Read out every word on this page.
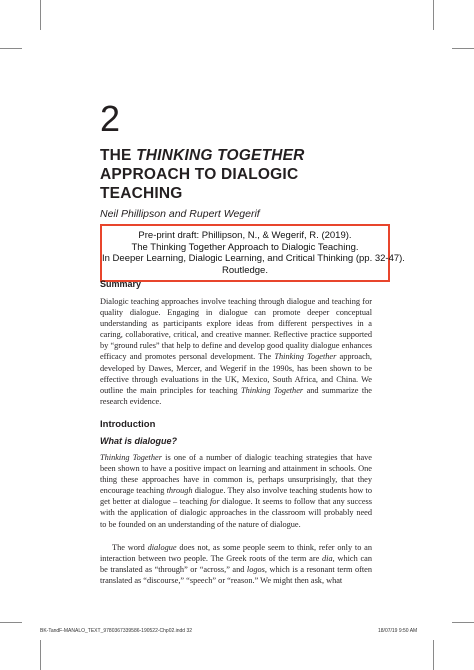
2
THE THINKING TOGETHER
APPROACH TO DIALOGIC
TEACHING
Neil Phillipson and Rupert Wegerif
Pre-print draft: Phillipson, N., & Wegerif, R. (2019).
The Thinking Together Approach to Dialogic Teaching.
In Deeper Learning, Dialogic Learning, and Critical Thinking (pp. 32-47).
Routledge.
Summary
Dialogic teaching approaches involve teaching through dialogue and teaching for quality dialogue. Engaging in dialogue can promote deeper conceptual understanding as participants explore ideas from different perspectives in a caring, collaborative, critical, and creative manner. Reflective practice supported by “ground rules” that help to define and develop good quality dialogue enhances efficacy and promotes personal development. The Thinking Together approach, developed by Dawes, Mercer, and Wegerif in the 1990s, has been shown to be effective through evaluations in the UK, Mexico, South Africa, and China. We outline the main principles for teaching Thinking Together and summarize the research evidence.
Introduction
What is dialogue?
Thinking Together is one of a number of dialogic teaching strategies that have been shown to have a positive impact on learning and attainment in schools. One thing these approaches have in common is, perhaps unsurprisingly, that they encourage teaching through dialogue. They also involve teaching students how to get better at dialogue – teaching for dialogue. It seems to follow that any success with the application of dialogic approaches in the classroom will probably need to be founded on an understanding of the nature of dialogue.
The word dialogue does not, as some people seem to think, refer only to an interaction between two people. The Greek roots of the term are dia, which can be translated as “through” or “across,” and logos, which is a resonant term often translated as “discourse,” “speech” or “reason.” We might then ask, what
BK-TandF-MANALO_TEXT_9780367339586-190522-Chp02.indd 32	18/07/19 9:50 AM
